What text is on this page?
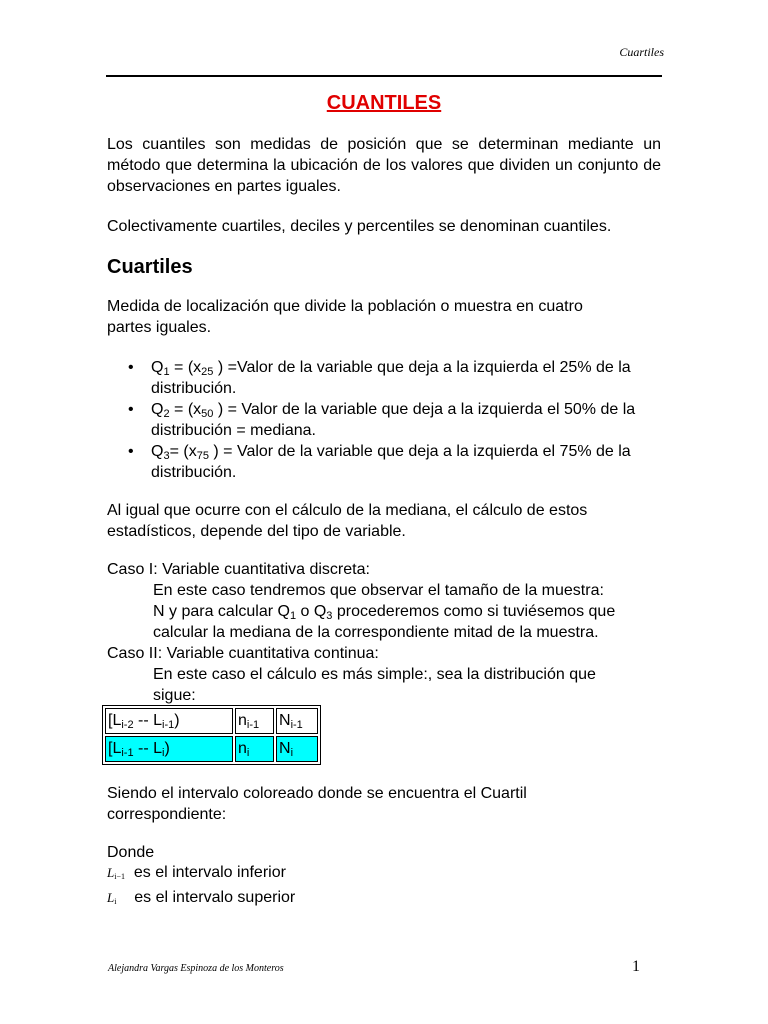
Cuartiles
CUANTILES
Los cuantiles son medidas de posición que se determinan mediante un método que determina la ubicación de los valores que dividen un conjunto de observaciones en partes iguales.
Colectivamente cuartiles, deciles y percentiles se denominan cuantiles.
Cuartiles
Medida de localización que divide la población o muestra en cuatro partes iguales.
• $Q_1 = (x_{25}$ ) =Valor de la variable que deja a la izquierda el 25% de la distribución.
• $Q_2 = (x_{50}$ ) = Valor de la variable que deja a la izquierda el 50% de la distribución = mediana.
• $Q_3= (x_{75}$ ) = Valor de la variable que deja a la izquierda el 75% de la distribución.
Al igual que ocurre con el cálculo de la mediana, el cálculo de estos estadísticos, depende del tipo de variable.
Caso I: Variable cuantitativa discreta:
En este caso tendremos que observar el tamaño de la muestra:
N y para calcular $Q_1$ o $Q_3$ procederemos como si tuviésemos que
calcular la mediana de la correspondiente mitad de la muestra.
Caso II: Variable cuantitativa continua:
En este caso el cálculo es más simple:, sea la distribución que
sigue:
$[L_{i-2} -- L_{i-1})$	$n_{i-1}$	$N_{i-1}$
$[L_{i-1} -- L_i)$	$n_i$	$N_i$
Siendo el intervalo coloreado donde se encuentra el Cuartil correspondiente:
Donde
$L_{i-1}$ es el intervalo inferior
$L_i$ es el intervalo superior
Alejandra Vargas Espinoza de los Monteros	1
